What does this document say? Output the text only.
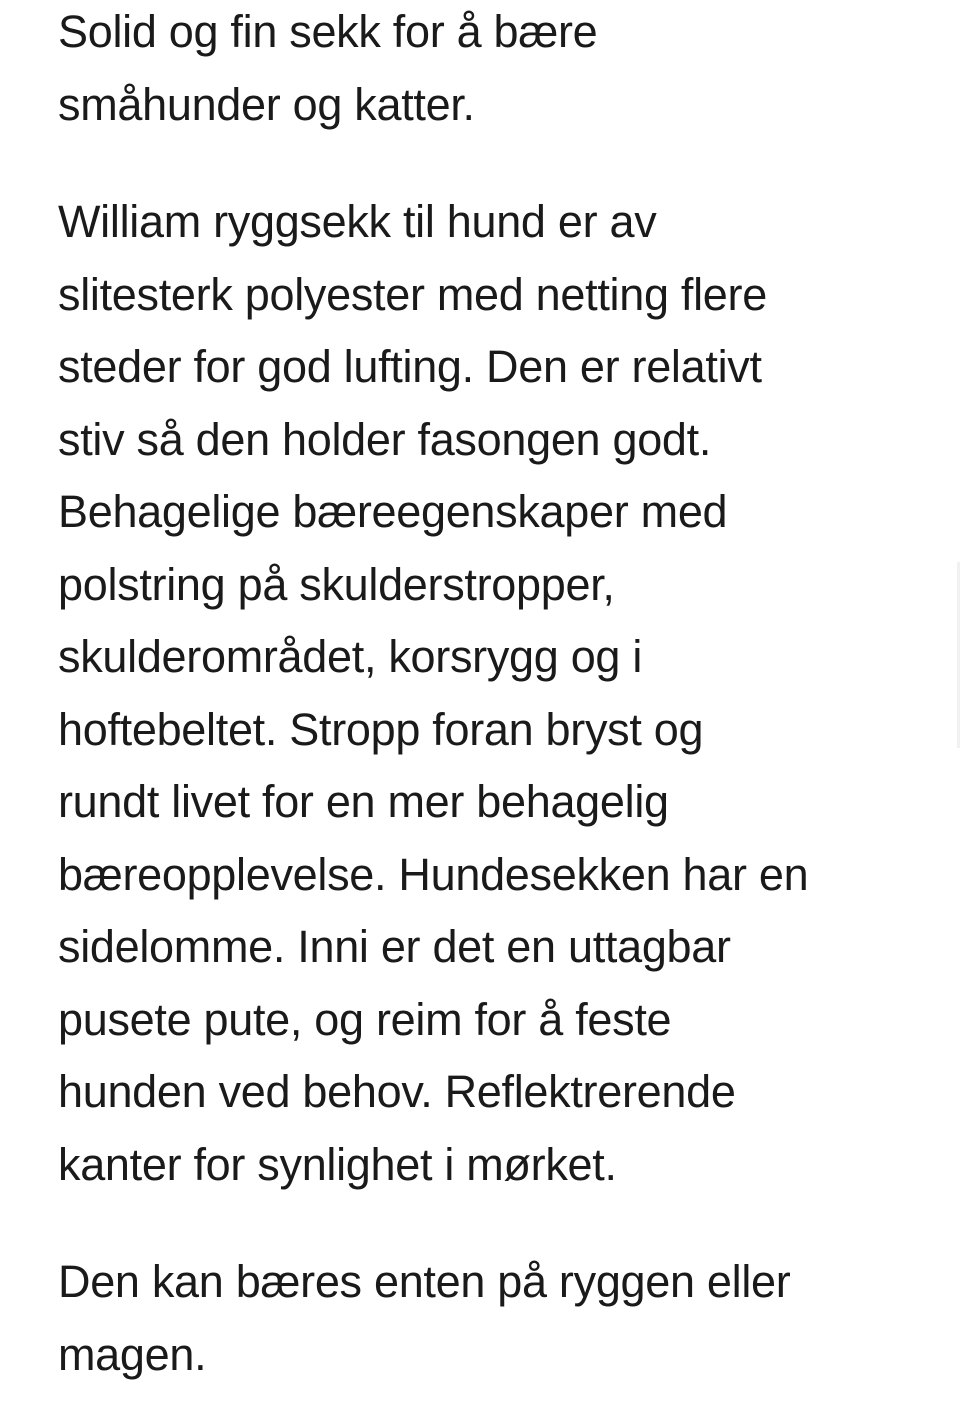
Solid og fin sekk for å bære
småhunder og katter.

William ryggsekk til hund er av
slitesterk polyester med netting flere
steder for god lufting. Den er relativt
stiv så den holder fasongen godt.
Behagelige bæreegenskaper med
polstring på skulderstropper,
skulderområdet, korsrygg og i
hoftebeltet. Stropp foran bryst og
rundt livet for en mer behagelig
bæreopplevelse. Hundesekken har en
sidelomme. Inni er det en uttagbar
pusete pute, og reim for å feste
hunden ved behov. Reflektrerende
kanter for synlighet i mørket.

Den kan bæres enten på ryggen eller
magen.
